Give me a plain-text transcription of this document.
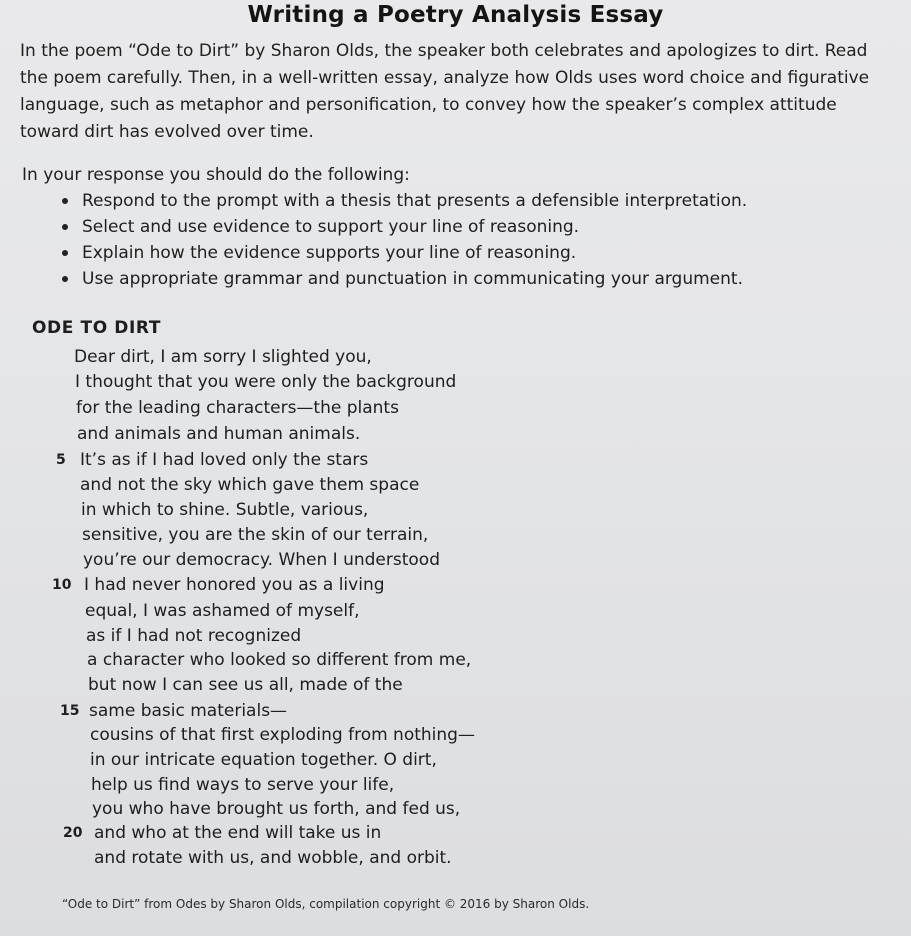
Writing a Poetry Analysis Essay

In the poem “Ode to Dirt” by Sharon Olds, the speaker both celebrates and apologizes to dirt. Read the poem carefully. Then, in a well-written essay, analyze how Olds uses word choice and figurative language, such as metaphor and personification, to convey how the speaker’s complex attitude toward dirt has evolved over time.

In your response you should do the following:

Respond to the prompt with a thesis that presents a defensible interpretation.
Select and use evidence to support your line of reasoning.
Explain how the evidence supports your line of reasoning.
Use appropriate grammar and punctuation in communicating your argument.
ODE TO DIRT
Dear dirt, I am sorry I slighted you,
I thought that you were only the background
for the leading characters—the plants
and animals and human animals.
5 It’s as if I had loved only the stars
and not the sky which gave them space
in which to shine. Subtle, various,
sensitive, you are the skin of our terrain,
you’re our democracy. When I understood
10 I had never honored you as a living
equal, I was ashamed of myself,
as if I had not recognized
a character who looked so different from me,
but now I can see us all, made of the
15 same basic materials—
cousins of that first exploding from nothing—
in our intricate equation together. O dirt,
help us find ways to serve your life,
you who have brought us forth, and fed us,
20 and who at the end will take us in
and rotate with us, and wobble, and orbit.
“Ode to Dirt” from Odes by Sharon Olds, compilation copyright © 2016 by Sharon Olds.
